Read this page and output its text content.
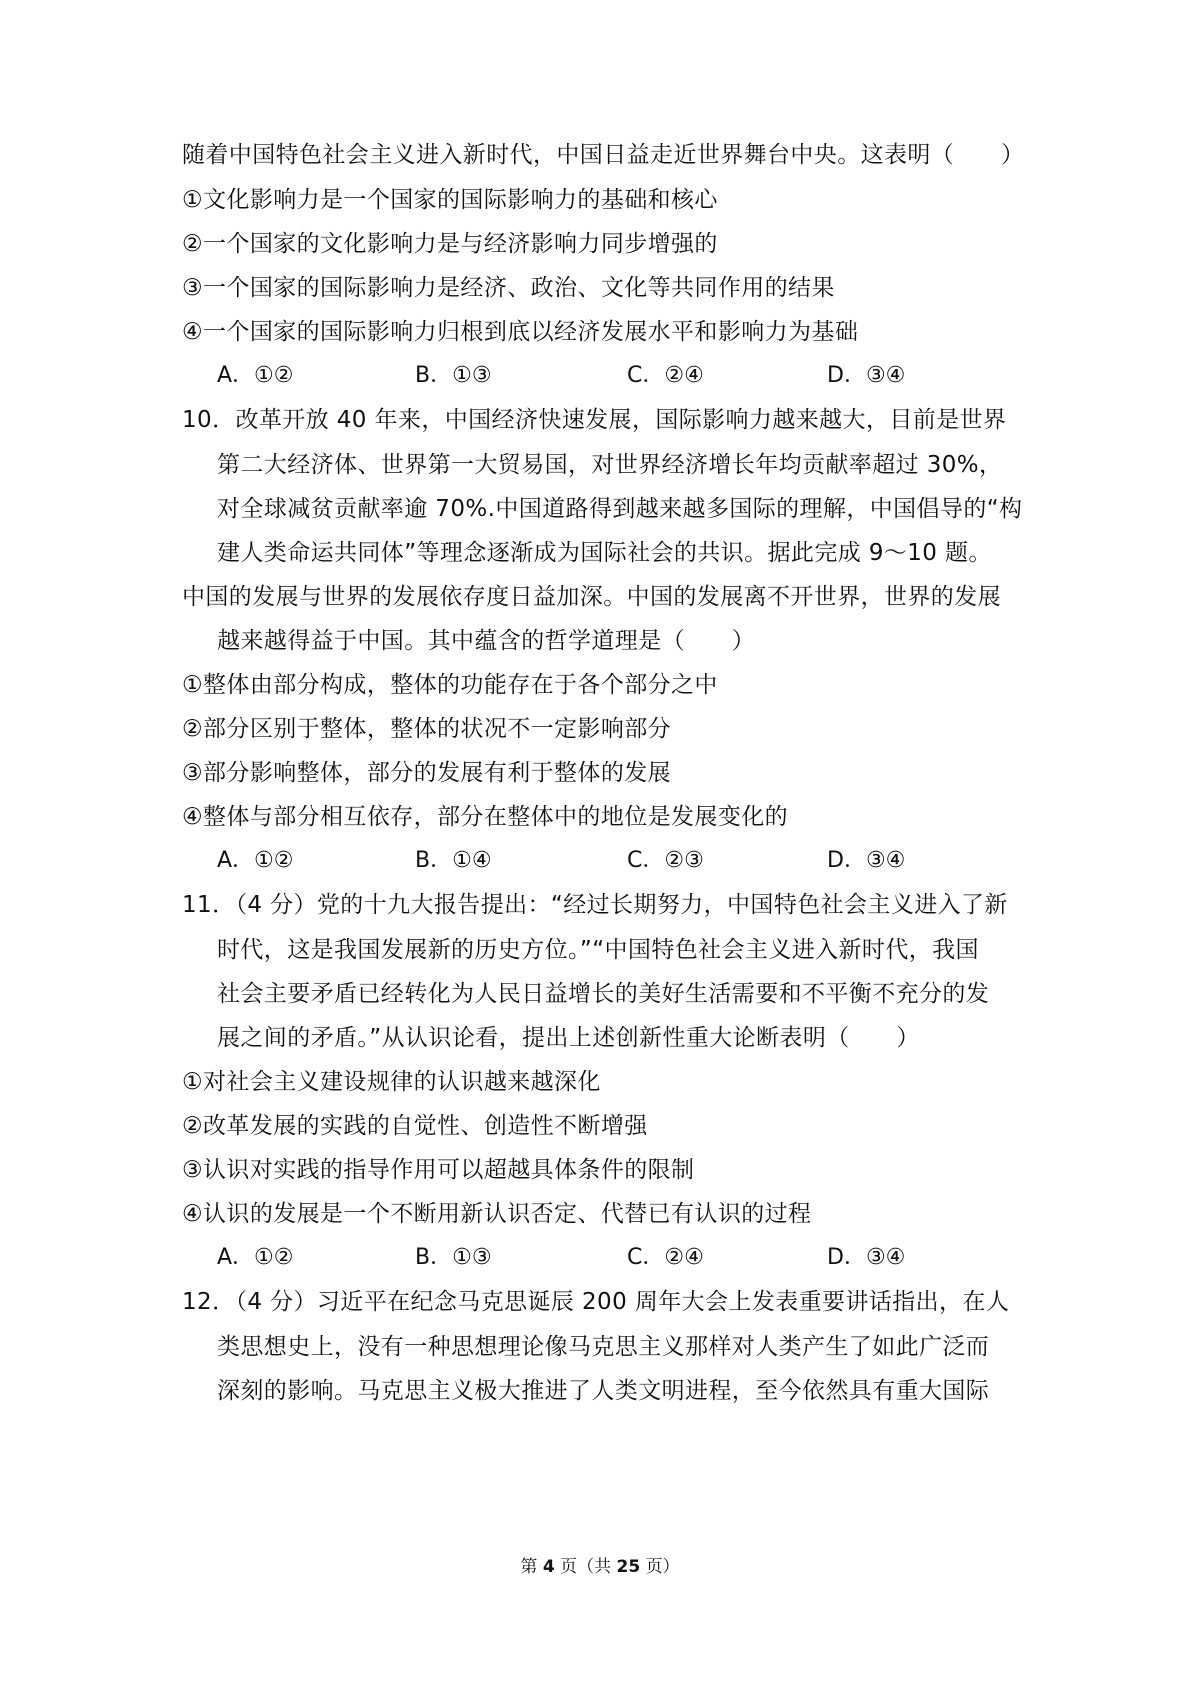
随着中国特色社会主义进入新时代，中国日益走近世界舞台中央。这表明（　　）
①文化影响力是一个国家的国际影响力的基础和核心
②一个国家的文化影响力是与经济影响力同步增强的
③一个国家的国际影响力是经济、政治、文化等共同作用的结果
④一个国家的国际影响力归根到底以经济发展水平和影响力为基础
A．①②	B．①③	C．②④	D．③④
10．改革开放 40 年来，中国经济快速发展，国际影响力越来越大，目前是世界
第二大经济体、世界第一大贸易国，对世界经济增长年均贡献率超过 30%，
对全球减贫贡献率逾 70%.中国道路得到越来越多国际的理解，中国倡导的“构
建人类命运共同体”等理念逐渐成为国际社会的共识。据此完成 9～10 题。
中国的发展与世界的发展依存度日益加深。中国的发展离不开世界，世界的发展
越来越得益于中国。其中蕴含的哲学道理是（　　）
①整体由部分构成，整体的功能存在于各个部分之中
②部分区别于整体，整体的状况不一定影响部分
③部分影响整体，部分的发展有利于整体的发展
④整体与部分相互依存，部分在整体中的地位是发展变化的
A．①②	B．①④	C．②③	D．③④
11．（4 分）党的十九大报告提出：“经过长期努力，中国特色社会主义进入了新
时代，这是我国发展新的历史方位。”“中国特色社会主义进入新时代，我国
社会主要矛盾已经转化为人民日益增长的美好生活需要和不平衡不充分的发
展之间的矛盾。”从认识论看，提出上述创新性重大论断表明（　　）
①对社会主义建设规律的认识越来越深化
②改革发展的实践的自觉性、创造性不断增强
③认识对实践的指导作用可以超越具体条件的限制
④认识的发展是一个不断用新认识否定、代替已有认识的过程
A．①②	B．①③	C．②④	D．③④
12．（4 分）习近平在纪念马克思诞辰 200 周年大会上发表重要讲话指出，在人
类思想史上，没有一种思想理论像马克思主义那样对人类产生了如此广泛而
深刻的影响。马克思主义极大推进了人类文明进程，至今依然具有重大国际
第 4 页（共 25 页）
